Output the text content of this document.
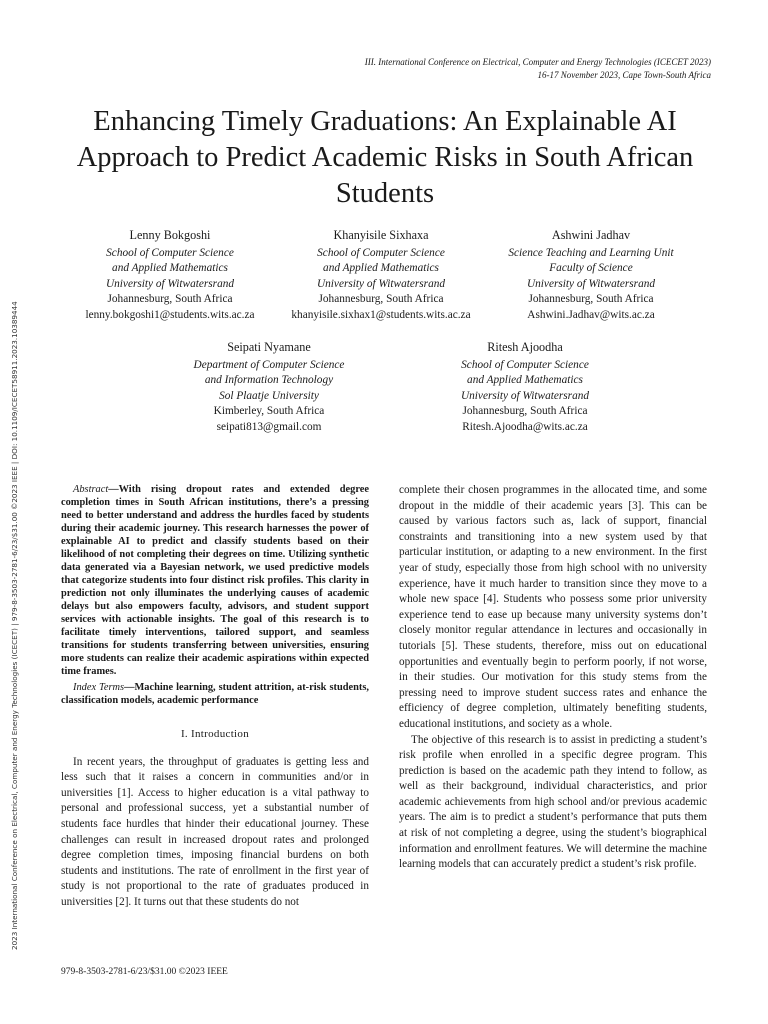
III. International Conference on Electrical, Computer and Energy Technologies (ICECET 2023)
16-17 November 2023, Cape Town-South Africa
2023 International Conference on Electrical, Computer and Energy Technologies (ICECET) | 979-8-3503-2781-6/23/$31.00 ©2023 IEEE | DOI: 10.1109/ICECET58911.2023.10389444
Enhancing Timely Graduations: An Explainable AI Approach to Predict Academic Risks in South African Students
Lenny Bokgoshi
School of Computer Science
and Applied Mathematics
University of Witwatersrand
Johannesburg, South Africa
lenny.bokgoshi1@students.wits.ac.za
Khanyisile Sixhaxa
School of Computer Science
and Applied Mathematics
University of Witwatersrand
Johannesburg, South Africa
khanyisile.sixhax1@students.wits.ac.za
Ashwini Jadhav
Science Teaching and Learning Unit
Faculty of Science
University of Witwatersrand
Johannesburg, South Africa
Ashwini.Jadhav@wits.ac.za
Seipati Nyamane
Department of Computer Science
and Information Technology
Sol Plaatje University
Kimberley, South Africa
seipati813@gmail.com
Ritesh Ajoodha
School of Computer Science
and Applied Mathematics
University of Witwatersrand
Johannesburg, South Africa
Ritesh.Ajoodha@wits.ac.za

Abstract—With rising dropout rates and extended degree completion times in South African institutions, there’s a pressing need to better understand and address the hurdles faced by students during their academic journey. This research harnesses the power of explainable AI to predict and classify students based on their likelihood of not completing their degrees on time. Utilizing synthetic data generated via a Bayesian network, we used predictive models that categorize students into four distinct risk profiles. This clarity in prediction not only illuminates the underlying causes of academic delays but also empowers faculty, advisors, and student support services with actionable insights. The goal of this research is to facilitate timely interventions, tailored support, and seamless transitions for students transferring between universities, ensuring more students can realize their academic aspirations within expected time frames.

Index Terms—Machine learning, student attrition, at-risk students, classification models, academic performance

I. Introduction

In recent years, the throughput of graduates is getting less and less such that it raises a concern in communities and/or in universities [1]. Access to higher education is a vital pathway to personal and professional success, yet a substantial number of students face hurdles that hinder their educational journey. These challenges can result in increased dropout rates and prolonged degree completion times, imposing financial burdens on both students and institutions. The rate of enrollment in the first year of study is not proportional to the rate of graduates produced in universities [2]. It turns out that these students do not

complete their chosen programmes in the allocated time, and some dropout in the middle of their academic years [3]. This can be caused by various factors such as, lack of support, financial constraints and transitioning into a new system used by that particular institution, or adapting to a new environment. In the first year of study, especially those from high school with no university experience, have it much harder to transition since they move to a whole new space [4]. Students who possess some prior university experience tend to ease up because many university systems don’t closely monitor regular attendance in lectures and occasionally in tutorials [5]. These students, therefore, miss out on educational opportunities and eventually begin to perform poorly, if not worse, in their studies. Our motivation for this study stems from the pressing need to improve student success rates and enhance the efficiency of degree completion, ultimately benefiting students, educational institutions, and society as a whole.

The objective of this research is to assist in predicting a student’s risk profile when enrolled in a specific degree program. This prediction is based on the academic path they intend to follow, as well as their background, individual characteristics, and prior academic achievements from high school and/or previous academic years. The aim is to predict a student’s performance that puts them at risk of not completing a degree, using the student’s biographical information and enrollment features. We will determine the machine learning models that can accurately predict a student’s risk profile.

979-8-3503-2781-6/23/$31.00 ©2023 IEEE
